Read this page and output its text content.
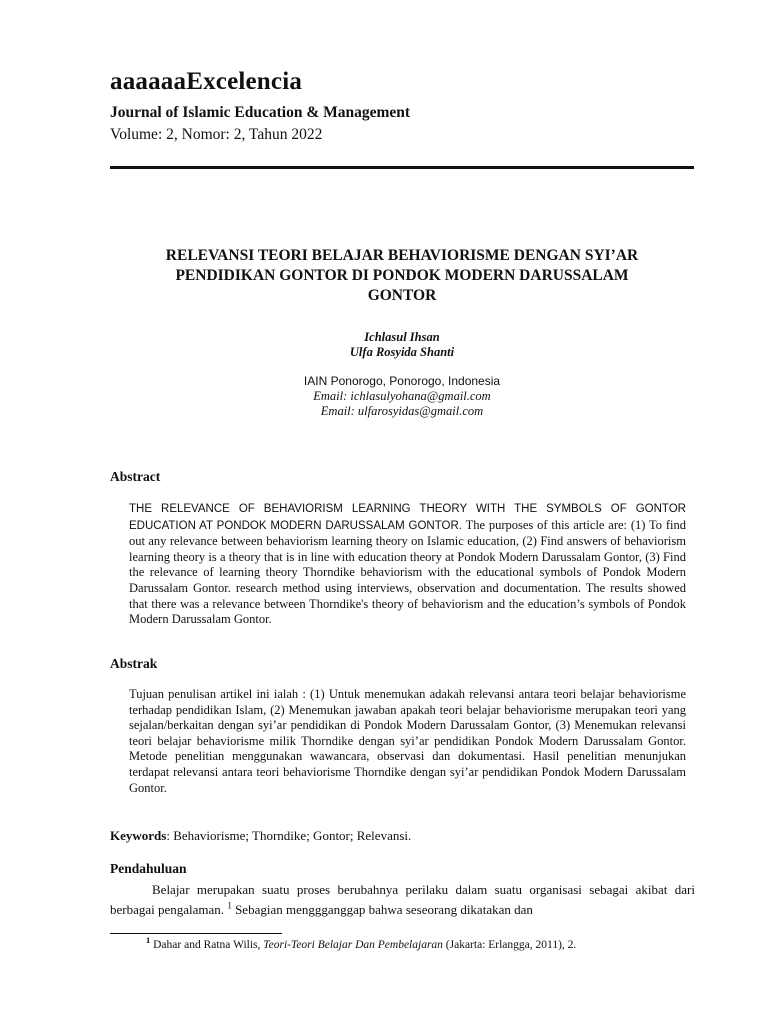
aaaaaaExcelencia
Journal of Islamic Education & Management
Volume: 2, Nomor: 2, Tahun 2022
RELEVANSI TEORI BELAJAR BEHAVIORISME DENGAN SYI’AR
PENDIDIKAN GONTOR DI PONDOK MODERN DARUSSALAM
GONTOR
Ichlasul Ihsan
Ulfa Rosyida Shanti
IAIN Ponorogo, Ponorogo, Indonesia
Email: ichlasulyohana@gmail.com
Email: ulfarosyidas@gmail.com
Abstract
THE RELEVANCE OF BEHAVIORISM LEARNING THEORY WITH THE SYMBOLS OF GONTOR EDUCATION AT PONDOK MODERN DARUSSALAM GONTOR. The purposes of this article are: (1) To find out any relevance between behaviorism learning theory on Islamic education, (2) Find answers of behaviorism learning theory is a theory that is in line with education theory at Pondok Modern Darussalam Gontor, (3) Find the relevance of learning theory Thorndike behaviorism with the educational symbols of Pondok Modern Darussalam Gontor. research method using interviews, observation and documentation. The results showed that there was a relevance between Thorndike's theory of behaviorism and the education’s symbols of Pondok Modern Darussalam Gontor.
Abstrak
Tujuan penulisan artikel ini ialah : (1) Untuk menemukan adakah relevansi antara teori belajar behaviorisme terhadap pendidikan Islam, (2) Menemukan jawaban apakah teori belajar behaviorisme merupakan teori yang sejalan/berkaitan dengan syi’ar pendidikan di Pondok Modern Darussalam Gontor, (3) Menemukan relevansi teori belajar behaviorisme milik Thorndike dengan syi’ar pendidikan Pondok Modern Darussalam Gontor. Metode penelitian menggunakan wawancara, observasi dan dokumentasi. Hasil penelitian menunjukan terdapat relevansi antara teori behaviorisme Thorndike dengan syi’ar pendidikan Pondok Modern Darussalam Gontor.
Keywords: Behaviorisme; Thorndike; Gontor; Relevansi.
Pendahuluan
Belajar merupakan suatu proses berubahnya perilaku dalam suatu organisasi sebagai akibat dari berbagai pengalaman. $^1$ Sebagian menggganggap bahwa seseorang dikatakan dan
$^1$ Dahar and Ratna Wilis, Teori-Teori Belajar Dan Pembelajaran (Jakarta: Erlangga, 2011), 2.
